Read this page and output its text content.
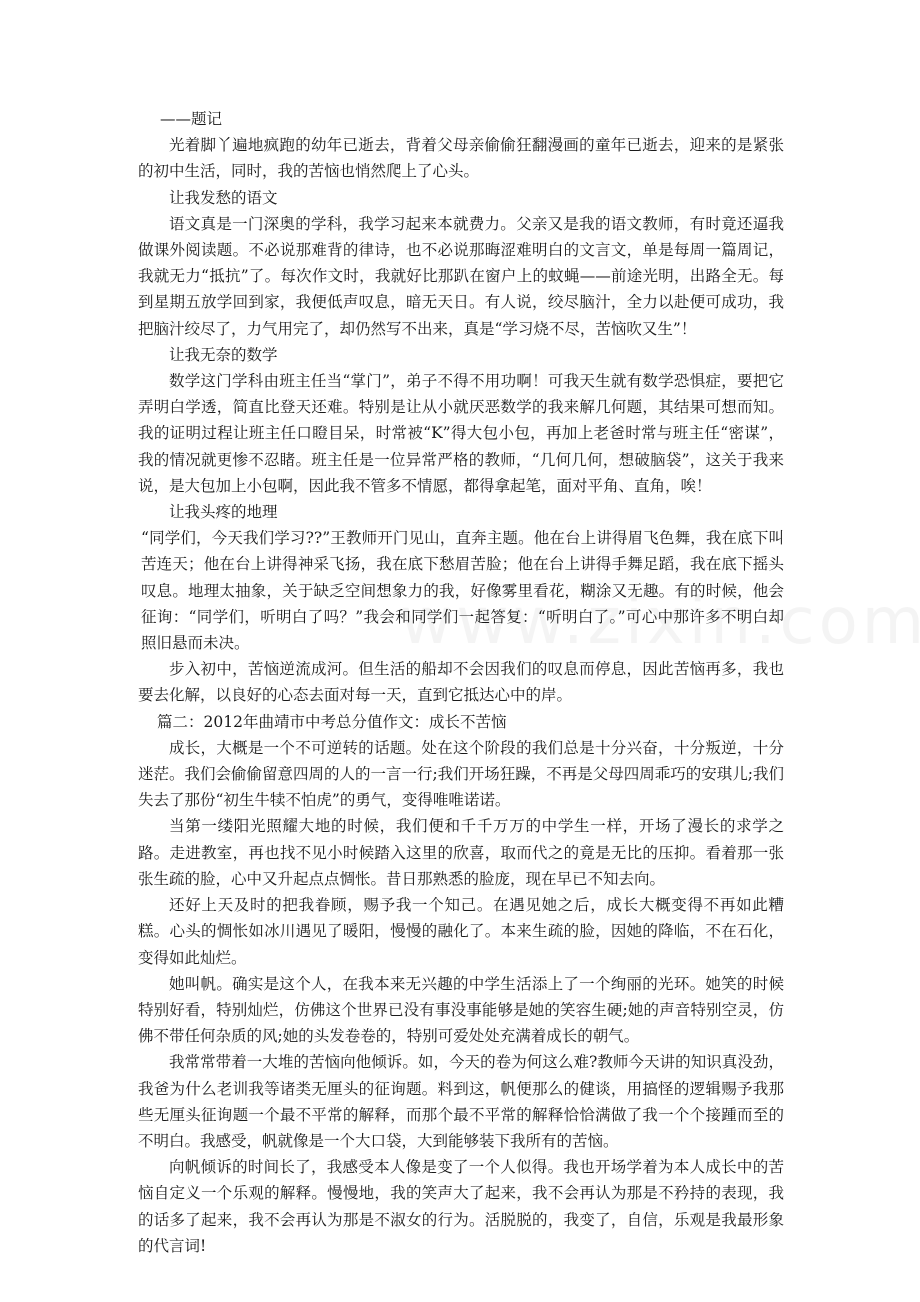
——题记

光着脚丫遍地疯跑的幼年已逝去，背着父母亲偷偷狂翻漫画的童年已逝去，迎来的是紧张的初中生活，同时，我的苦恼也悄然爬上了心头。

让我发愁的语文

语文真是一门深奥的学科，我学习起来本就费力。父亲又是我的语文教师，有时竟还逼我做课外阅读题。不必说那难背的律诗，也不必说那晦涩难明白的文言文，单是每周一篇周记，我就无力“抵抗”了。每次作文时，我就好比那趴在窗户上的蚊蝇——前途光明，出路全无。每到星期五放学回到家，我便低声叹息，暗无天日。有人说，绞尽脑汁，全力以赴便可成功，我把脑汁绞尽了，力气用完了，却仍然写不出来，真是“学习烧不尽，苦恼吹又生”！

让我无奈的数学

数学这门学科由班主任当“掌门”，弟子不得不用功啊！可我天生就有数学恐惧症，要把它弄明白学透，简直比登天还难。特别是让从小就厌恶数学的我来解几何题，其结果可想而知。我的证明过程让班主任口瞪目呆，时常被“K”得大包小包，再加上老爸时常与班主任“密谋”，我的情况就更惨不忍睹。班主任是一位异常严格的教师，“几何几何，想破脑袋”，这关于我来说，是大包加上小包啊，因此我不管多不情愿，都得拿起笔，面对平角、直角，唉！

让我头疼的地理

“同学们，今天我们学习??”王教师开门见山，直奔主题。他在台上讲得眉飞色舞，我在底下叫苦连天；他在台上讲得神采飞扬，我在底下愁眉苦脸；他在台上讲得手舞足蹈，我在底下摇头叹息。地理太抽象，关于缺乏空间想象力的我，好像雾里看花，糊涂又无趣。有的时候，他会征询：“同学们，听明白了吗？”我会和同学们一起答复：“听明白了。”可心中那许多不明白却照旧悬而未决。

步入初中，苦恼逆流成河。但生活的船却不会因我们的叹息而停息，因此苦恼再多，我也要去化解，以良好的心态去面对每一天，直到它抵达心中的岸。

篇二：2012年曲靖市中考总分值作文：成长不苦恼

成长，大概是一个不可逆转的话题。处在这个阶段的我们总是十分兴奋，十分叛逆，十分迷茫。我们会偷偷留意四周的人的一言一行;我们开场狂躁，不再是父母四周乖巧的安琪儿;我们失去了那份“初生牛犊不怕虎”的勇气，变得唯唯诺诺。

当第一缕阳光照耀大地的时候，我们便和千千万万的中学生一样，开场了漫长的求学之路。走进教室，再也找不见小时候踏入这里的欣喜，取而代之的竟是无比的压抑。看着那一张张生疏的脸，心中又升起点点惆怅。昔日那熟悉的脸庞，现在早已不知去向。

还好上天及时的把我眷顾，赐予我一个知己。在遇见她之后，成长大概变得不再如此糟糕。心头的惆怅如冰川遇见了暖阳，慢慢的融化了。本来生疏的脸，因她的降临，不在石化，变得如此灿烂。

她叫帆。确实是这个人，在我本来无兴趣的中学生活添上了一个绚丽的光环。她笑的时候特别好看，特别灿烂，仿佛这个世界已没有事没事能够是她的笑容生硬;她的声音特别空灵，仿佛不带任何杂质的风;她的头发卷卷的，特别可爱处处充满着成长的朝气。

我常常带着一大堆的苦恼向他倾诉。如，今天的卷为何这么难?教师今天讲的知识真没劲，我爸为什么老训我等诸类无厘头的征询题。料到这，帆便那么的健谈，用搞怪的逻辑赐予我那些无厘头征询题一个最不平常的解释，而那个最不平常的解释恰恰满做了我一个个接踵而至的不明白。我感受，帆就像是一个大口袋，大到能够装下我所有的苦恼。

向帆倾诉的时间长了，我感受本人像是变了一个人似得。我也开场学着为本人成长中的苦恼自定义一个乐观的解释。慢慢地，我的笑声大了起来，我不会再认为那是不矜持的表现，我的话多了起来，我不会再认为那是不淑女的行为。活脱脱的，我变了，自信，乐观是我最形象的代言词!
